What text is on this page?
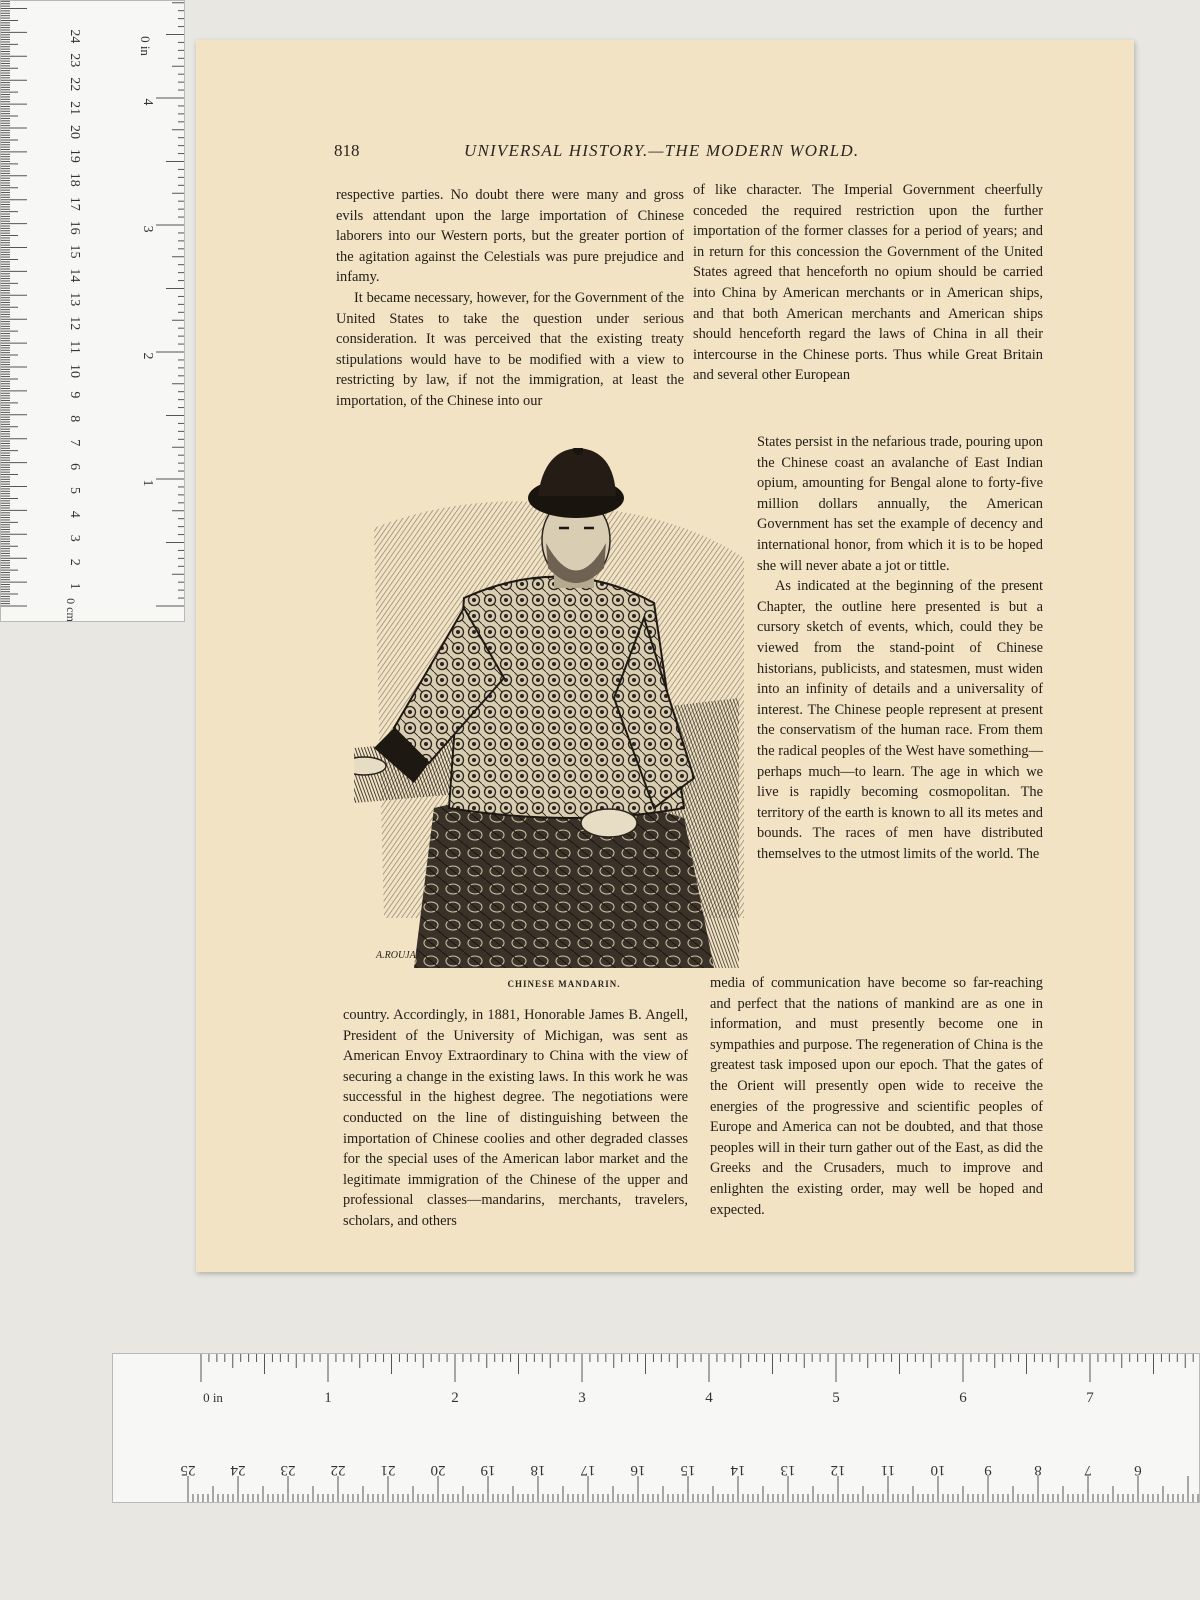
1
2
3
4
0 in
1
2
3
4
5
6
7
8
9
10
11
12
13
14
15
16
17
18
19
20
21
22
23
24
0 cm
818	UNIVERSAL HISTORY.—THE MODERN WORLD.

respective parties. No doubt there were many and gross evils attendant upon the large importation of Chinese laborers into our Western ports, but the greater portion of the agitation against the Celestials was pure prejudice and infamy.

It became necessary, however, for the Government of the United States to take the question under serious consideration. It was perceived that the existing treaty stipulations would have to be modified with a view to restricting by law, if not the immigration, at least the importation, of the Chinese into our

of like character. The Imperial Government cheerfully conceded the required restriction upon the further importation of the former classes for a period of years; and in return for this concession the Government of the United States agreed that henceforth no opium should be carried into China by American merchants or in American ships, and that both American merchants and American ships should henceforth regard the laws of China in all their intercourse in the Chinese ports. Thus while Great Britain and several other European

States persist in the nefarious trade, pouring upon the Chinese coast an avalanche of East Indian opium, amounting for Bengal alone to forty-five million dollars annually, the American Government has set the example of decency and international honor, from which it is to be hoped she will never abate a jot or tittle.

As indicated at the beginning of the present Chapter, the outline here presented is but a cursory sketch of events, which, could they be viewed from the stand-point of Chinese historians, publicists, and statesmen, must widen into an infinity of details and a universality of interest. The Chinese people represent at present the conservatism of the human race. From them the radical peoples of the West have something—perhaps much—to learn. The age in which we live is rapidly becoming cosmopolitan. The territory of the earth is known to all its metes and bounds. The races of men have distributed themselves to the utmost limits of the world. The

A.ROUJAT
CHINESE MANDARIN.

country. Accordingly, in 1881, Honorable James B. Angell, President of the University of Michigan, was sent as American Envoy Extraordinary to China with the view of securing a change in the existing laws. In this work he was successful in the highest degree. The negotiations were conducted on the line of distinguishing between the importation of Chinese coolies and other degraded classes for the special uses of the American labor market and the legitimate immigration of the Chinese of the upper and professional classes—mandarins, merchants, travelers, scholars, and others

media of communication have become so far-reaching and perfect that the nations of mankind are as one in information, and must presently become one in sympathies and purpose. The regeneration of China is the greatest task imposed upon our epoch. That the gates of the Orient will presently open wide to receive the energies of the progressive and scientific peoples of Europe and America can not be doubted, and that those peoples will in their turn gather out of the East, as did the Greeks and the Crusaders, much to improve and enlighten the existing order, may well be hoped and expected.

0 in	1	2	3	4	5	6	7
25 24 23 22 21 20 19 18 17 16 15 14 13 12 11 10	9	8	7	6
